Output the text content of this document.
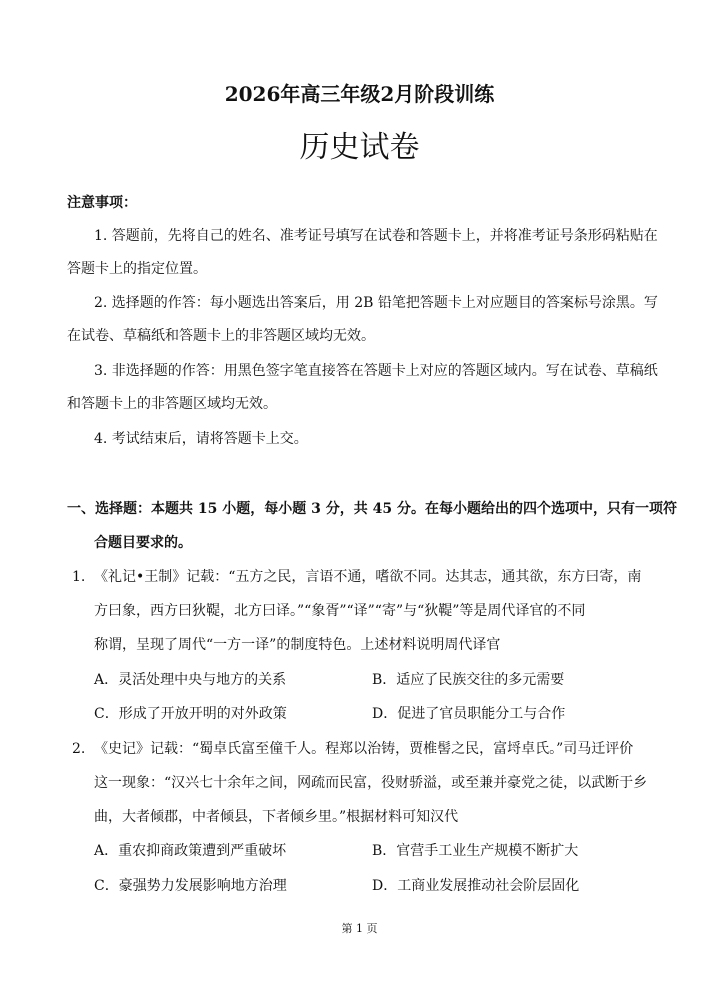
2026年高三年级2月阶段训练
历史试卷
注意事项：
1. 答题前，先将自己的姓名、准考证号填写在试卷和答题卡上，并将准考证号条形码粘贴在
答题卡上的指定位置。
2. 选择题的作答：每小题选出答案后，用 2B 铅笔把答题卡上对应题目的答案标号涂黑。写
在试卷、草稿纸和答题卡上的非答题区域均无效。
3. 非选择题的作答：用黑色签字笔直接答在答题卡上对应的答题区域内。写在试卷、草稿纸
和答题卡上的非答题区域均无效。
4. 考试结束后，请将答题卡上交。
一、选择题：本题共 15 小题，每小题 3 分，共 45 分。在每小题给出的四个选项中，只有一项符
合题目要求的。
1. 《礼记•王制》记载：“五方之民，言语不通，嗜欲不同。达其志，通其欲，东方曰寄，南
方曰象，西方曰狄鞮，北方曰译。”“象胥”“译”“寄”与“狄鞮”等是周代译官的不同
称谓，呈现了周代“一方一译”的制度特色。上述材料说明周代译官
A．灵活处理中央与地方的关系	B．适应了民族交往的多元需要
C．形成了开放开明的对外政策	D．促进了官员职能分工与合作
2. 《史记》记载：“蜀卓氏富至僮千人。程郑以治铸，贾椎髻之民，富埒卓氏。”司马迁评价
这一现象：“汉兴七十余年之间，网疏而民富，役财骄溢，或至兼并豪党之徒，以武断于乡
曲，大者倾郡，中者倾县，下者倾乡里。”根据材料可知汉代
A．重农抑商政策遭到严重破坏	B．官营手工业生产规模不断扩大
C．豪强势力发展影响地方治理	D．工商业发展推动社会阶层固化
第 1 页
